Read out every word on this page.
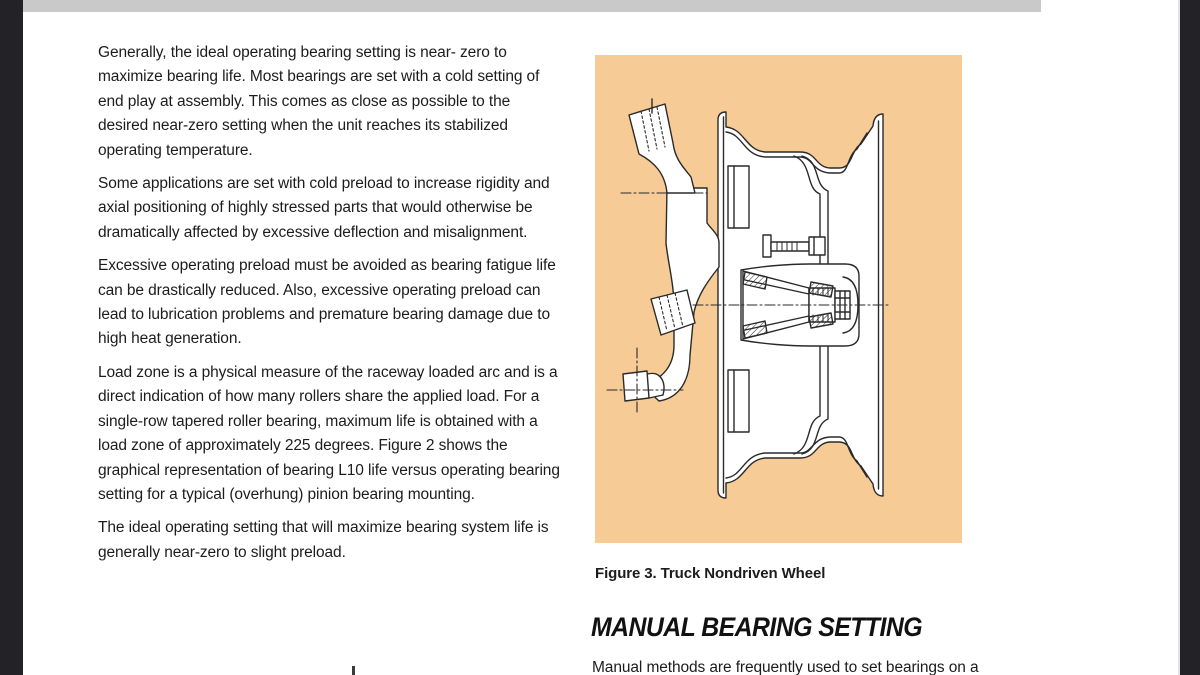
Generally, the ideal operating bearing setting is near- zero to maximize bearing life. Most bearings are set with a cold setting of end play at assembly. This comes as close as possible to the desired near-zero setting when the unit reaches its stabilized operating temperature.

Some applications are set with cold preload to increase rigidity and axial positioning of highly stressed parts that would otherwise be dramatically affected by excessive deflection and misalignment.

Excessive operating preload must be avoided as bearing fatigue life can be drastically reduced. Also, excessive operating preload can lead to lubrication problems and premature bearing damage due to high heat generation.

Load zone is a physical measure of the raceway loaded arc and is a direct indication of how many rollers share the applied load. For a single-row tapered roller bearing, maximum life is obtained with a load zone of approximately 225 degrees. Figure 2 shows the graphical representation of bearing L10 life versus operating bearing setting for a typical (overhung) pinion bearing mounting.

The ideal operating setting that will maximize bearing system life is generally near-zero to slight preload.

Figure 3. Truck Nondriven Wheel
MANUAL BEARING SETTING
Manual methods are frequently used to set bearings on a
